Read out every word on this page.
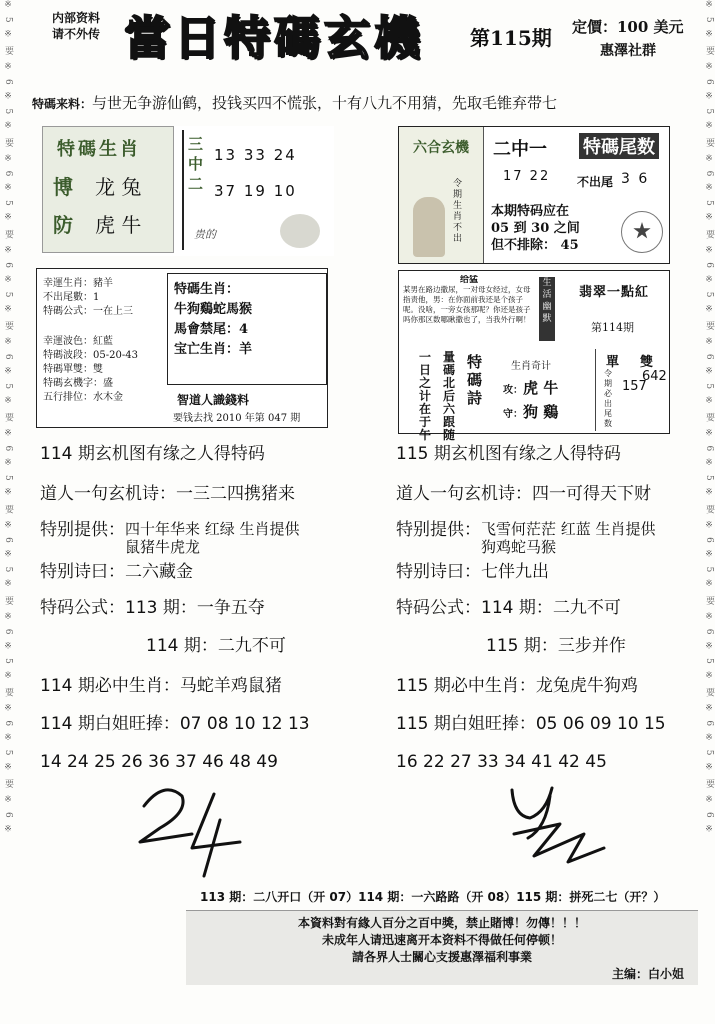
※ 5 ※ 要 ※ 6 ※ 5 ※ 要 ※ 6 ※ 5 ※ 要 ※ 6 ※ 5 ※ 要 ※ 6 ※ 5 ※ 要 ※ 6 ※ 5 ※ 要 ※ 6 ※ 5 ※ 要 ※ 6 ※ 5 ※ 要 ※ 6 ※ 5 ※ 要 ※ 6 ※	※ 5 ※ 要 ※ 6 ※ 5 ※ 要 ※ 6 ※ 5 ※ 要 ※ 6 ※ 5 ※ 要 ※ 6 ※ 5 ※ 要 ※ 6 ※ 5 ※ 要 ※ 6 ※ 5 ※ 要 ※ 6 ※ 5 ※ 要 ※ 6 ※ 5 ※ 要 ※ 6 ※
内部资料
请不外传 當日特碼玄機	第115期 定價：100 美元
惠澤社群
特碼来料：与世无争游仙鹤，投钱买四不慌张，十有八九不用猜，先取毛锥弃带七
特碼生肖
博 龙 兔
防 虎 牛
三中二
13 33 24
37 19 10
贵的
六合玄機
令期生肖不出
二中一 特碼尾数
17 22 不出尾 3 6
本期特码应在
05 到 30 之间
但不排除： 45
幸運生肖：豬羊
不出尾數：1
特碼公式：一在上三
幸運波色：紅藍
特碼波段：05-20-43
特碼單雙：雙
特碼玄機字：盛
五行排位：水木金
特碼生肖：
牛狗鷄蛇馬猴
馬會禁尾：4
宝亡生肖：羊
智道人識錢料
要钱去找 2010 年第 047 期
给猛
某男在路边撒尿，一对母女经过，女母指责他，男：在你面前我还是个孩子呢。没啥，一旁女孩那呢？你还是孩子吗你那区数哪瞅撒也了，当我外行啊！
生活幽默
翡翠一點紅
第114期
一日之计在于午
量碼北后六跟随
特碼詩
生肖奇计
攻：虎 牛
守：狗 鷄
單 雙
令期必出尾数
642
157
114 期玄机图有缘之人得特码
道人一句玄机诗：一三二四携猪来
特别提供：四十年华来 红绿 生肖提供
鼠猪牛虎龙
特别诗曰：二六藏金
特码公式：113 期：一争五夺
114 期：二九不可
114 期必中生肖：马蛇羊鸡鼠猪
114 期白姐旺捧：07 08 10 12 13
14 24 25 26 36 37 46 48 49
115 期玄机图有缘之人得特码
道人一句玄机诗：四一可得天下财
特别提供：飞雪何茫茫 红蓝 生肖提供
狗鸡蛇马猴
特别诗曰：七伴九出
特码公式：114 期：二九不可
115 期：三步并作
115 期必中生肖：龙兔虎牛狗鸡
115 期白姐旺捧：05 06 09 10 15
16 22 27 33 34 41 42 45
113 期：二八开口（开 07）114 期：一六路路（开 08）115 期：拼死二七（开？）
本資料對有緣人百分之百中獎，禁止賭博！勿傳！！！
未成年人请迅速离开本资料不得做任何停顿！
請各界人士關心支援惠澤福利事業
主编：白小姐
